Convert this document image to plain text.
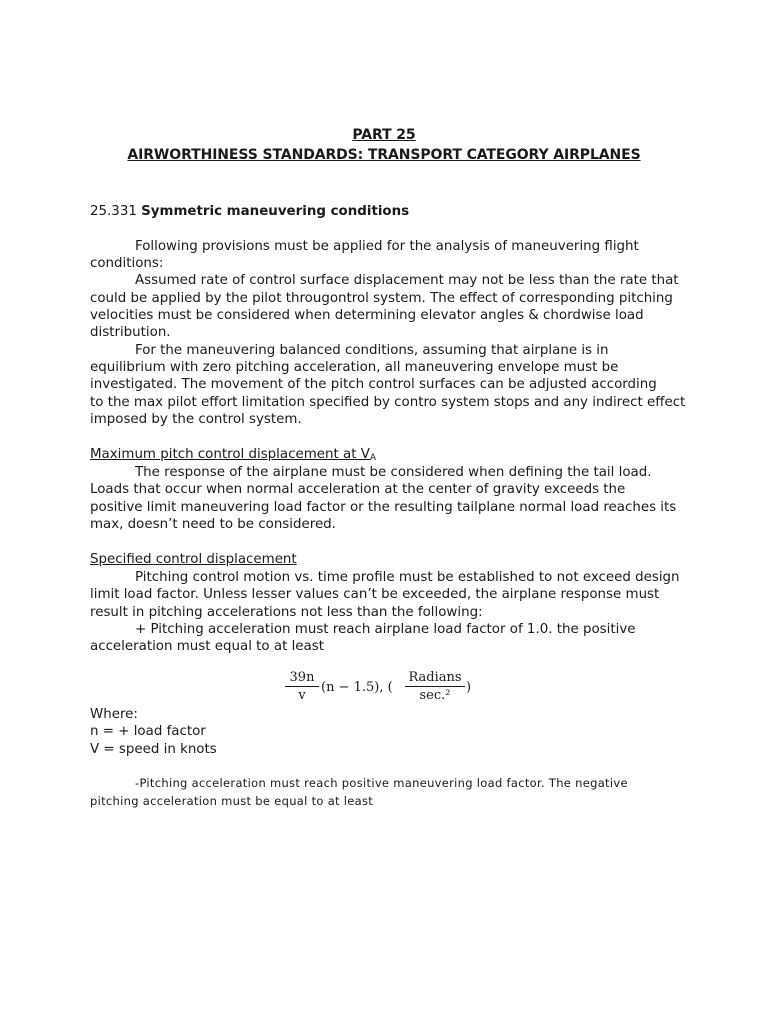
PART 25
AIRWORTHINESS STANDARDS: TRANSPORT CATEGORY AIRPLANES
25.331 Symmetric maneuvering conditions
Following provisions must be applied for the analysis of maneuvering flight
conditions:
Assumed rate of control surface displacement may not be less than the rate that
could be applied by the pilot througontrol system. The effect of corresponding pitching
velocities must be considered when determining elevator angles & chordwise load
distribution.
For the maneuvering balanced conditions, assuming that airplane is in
equilibrium with zero pitching acceleration, all maneuvering envelope must be
investigated. The movement of the pitch control surfaces can be adjusted according
to the max pilot effort limitation specified by contro system stops and any indirect effect
imposed by the control system.
Maximum pitch control displacement at $V_A$
The response of the airplane must be considered when defining the tail load.
Loads that occur when normal acceleration at the center of gravity exceeds the
positive limit maneuvering load factor or the resulting tailplane normal load reaches its
max, doesn’t need to be considered.
Specified control displacement
Pitching control motion vs. time profile must be established to not exceed design
limit load factor. Unless lesser values can’t be exceeded, the airplane response must
result in pitching accelerations not less than the following:
+ Pitching acceleration must reach airplane load factor of 1.0. the positive
acceleration must equal to at least
39n
v
(n − 1.5), (
Radians
sec.²
)
Where:
n = + load factor
V = speed in knots
-Pitching acceleration must reach positive maneuvering load factor. The negative
pitching acceleration must be equal to at least
